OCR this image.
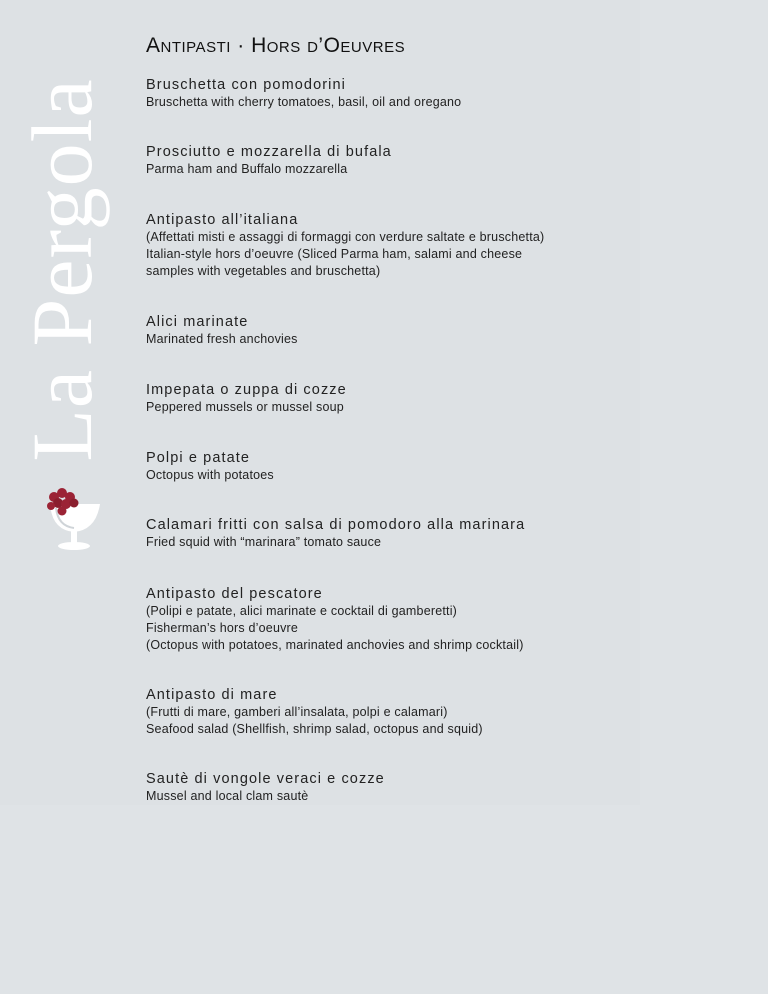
La Pergola
Antipasti · Hors d’Oeuvres
Bruschetta con pomodorini
Bruschetta with cherry tomatoes, basil, oil and oregano
Prosciutto e mozzarella di bufala
Parma ham and Buffalo mozzarella
Antipasto all’italiana
(Affettati misti e assaggi di formaggi con verdure saltate e bruschetta)
Italian-style hors d’oeuvre (Sliced Parma ham, salami and cheese
samples with vegetables and bruschetta)
Alici marinate
Marinated fresh anchovies
Impepata o zuppa di cozze
Peppered mussels or mussel soup
Polpi e patate
Octopus with potatoes
Calamari fritti con salsa di pomodoro alla marinara
Fried squid with “marinara” tomato sauce
Antipasto del pescatore
(Polipi e patate, alici marinate e cocktail di gamberetti)
Fisherman’s hors d’oeuvre
(Octopus with potatoes, marinated anchovies and shrimp cocktail)
Antipasto di mare
(Frutti di mare, gamberi all’insalata, polpi e calamari)
Seafood salad (Shellfish, shrimp salad, octopus and squid)
Sautè di vongole veraci e cozze
Mussel and local clam sautè
